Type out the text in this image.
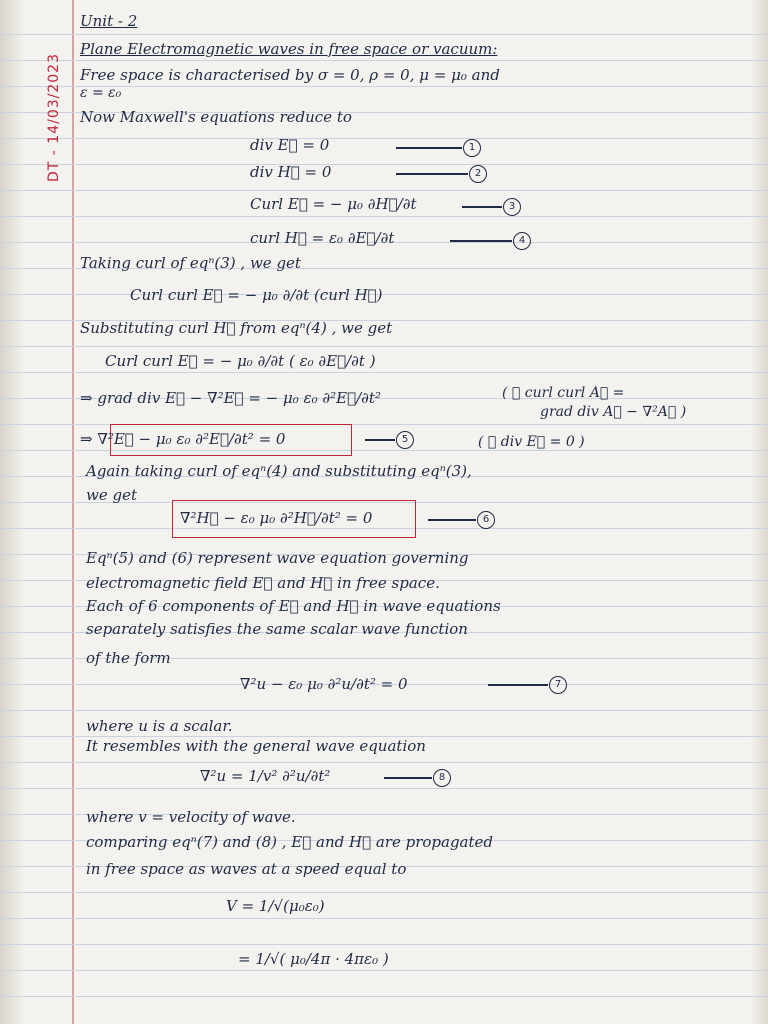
DT - 14/03/2023
Unit - 2
Plane Electromagnetic waves in free space or vacuum:
Free space is characterised by σ = 0, ρ = 0, μ = μ₀ and
ε = ε₀
Now Maxwell's equations reduce to
div E⃗ = 0	1
div H⃗ = 0	2
Curl E⃗ = − μ₀ ∂H⃗/∂t	3
curl H⃗ = ε₀ ∂E⃗/∂t	4
Taking curl of eqⁿ(3) , we get
Curl curl E⃗ = − μ₀ ∂/∂t (curl H⃗)
Substituting curl H⃗ from eqⁿ(4) , we get
Curl curl E⃗ = − μ₀ ∂/∂t ( ε₀ ∂E⃗/∂t )
⇒ grad div E⃗ − ∇²E⃗ = − μ₀ ε₀ ∂²E⃗/∂t²	( ∵ curl curl A⃗ =
grad div A⃗ − ∇²A⃗ )
⇒ ∇²E⃗ − μ₀ ε₀ ∂²E⃗/∂t² = 0	5	( ∵ div E⃗ = 0 )
Again taking curl of eqⁿ(4) and substituting eqⁿ(3),
we get
∇²H⃗ − ε₀ μ₀ ∂²H⃗/∂t² = 0	6
Eqⁿ(5) and (6) represent wave equation governing
electromagnetic field E⃗ and H⃗ in free space.
Each of 6 components of E⃗ and H⃗ in wave equations
separately satisfies the same scalar wave function
of the form
∇²u − ε₀ μ₀ ∂²u/∂t² = 0	7
where u is a scalar.
It resembles with the general wave equation
∇²u = 1/v² ∂²u/∂t²	8
where v = velocity of wave.
comparing eqⁿ(7) and (8) , E⃗ and H⃗ are propagated
in free space as waves at a speed equal to
V = 1/√(μ₀ε₀)
= 1/√( μ₀/4π · 4πε₀ )
